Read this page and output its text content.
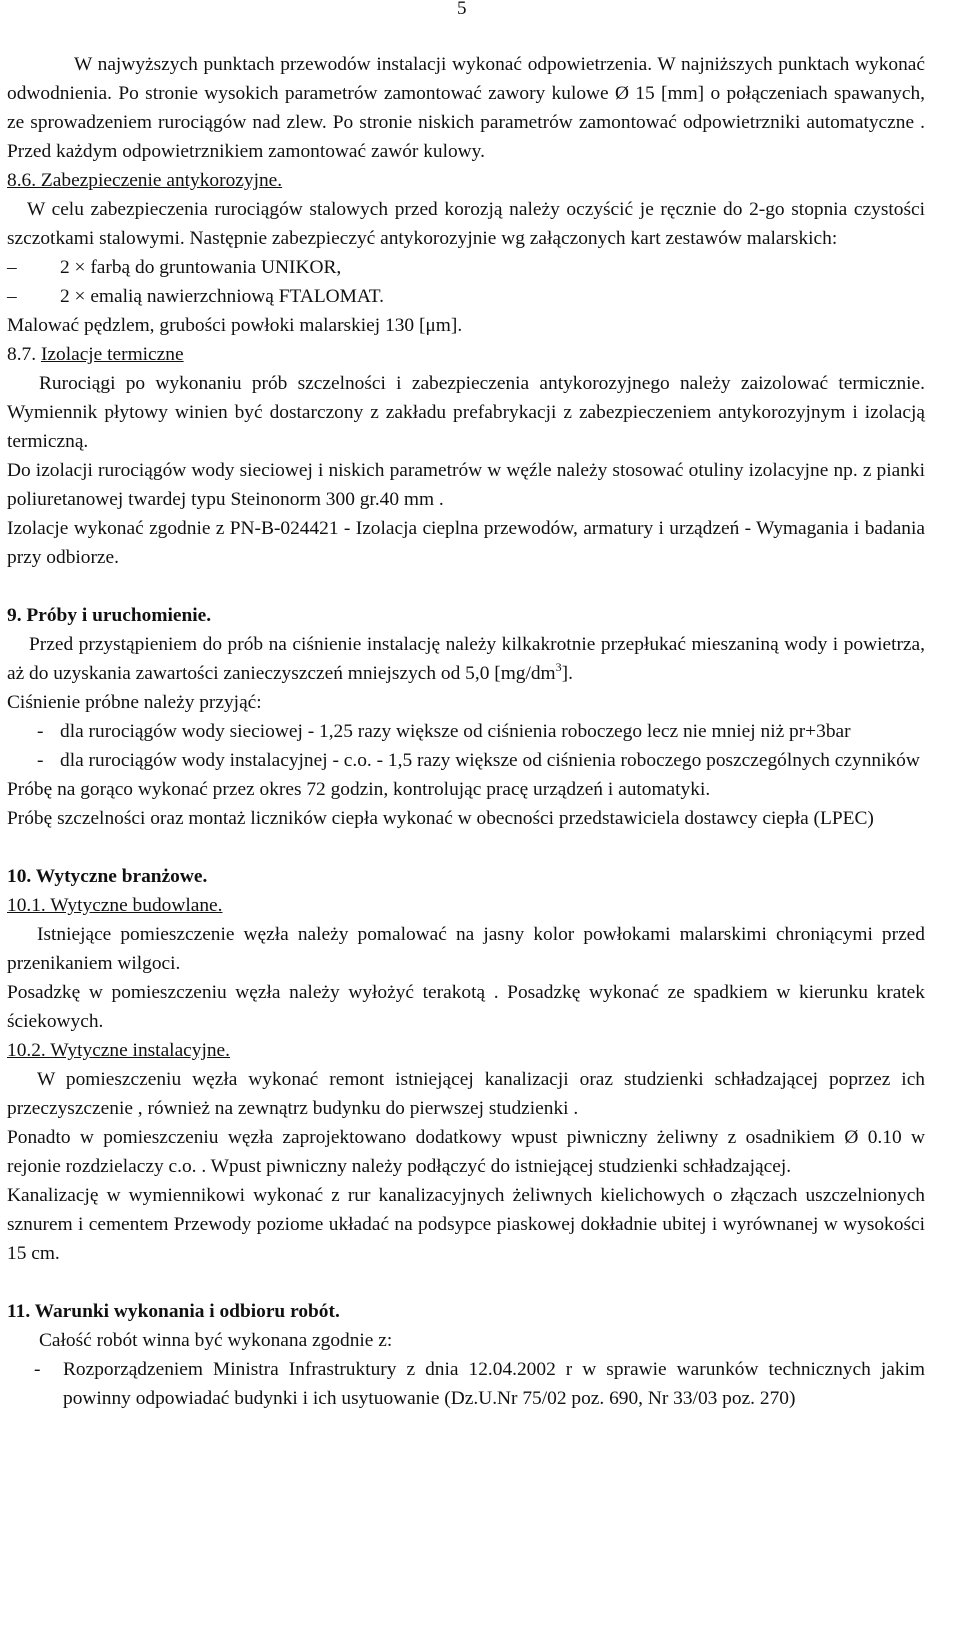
5

W najwyższych punktach przewodów instalacji wykonać odpowietrzenia. W najniższych punktach wykonać odwodnienia. Po stronie wysokich parametrów zamontować zawory kulowe Ø 15 [mm] o połączeniach spawanych, ze sprowadzeniem rurociągów nad zlew. Po stronie niskich parametrów zamontować odpowietrzniki automatyczne . Przed każdym odpowietrznikiem zamontować zawór kulowy.

8.6. Zabezpieczenie antykorozyjne.

W celu zabezpieczenia rurociągów stalowych przed korozją należy oczyścić je ręcznie do 2-go stopnia czystości szczotkami stalowymi. Następnie zabezpieczyć antykorozyjnie wg załączonych kart zestawów malarskich:

–	2 × farbą do gruntowania UNIKOR,
–	2 × emalią nawierzchniową FTALOMAT.

Malować pędzlem, grubości powłoki malarskiej 130 [μm].

8.7. Izolacje termiczne

Rurociągi po wykonaniu prób szczelności i zabezpieczenia antykorozyjnego należy zaizolować termicznie. Wymiennik płytowy winien być dostarczony z zakładu prefabrykacji z zabezpieczeniem antykorozyjnym i izolacją termiczną.

Do izolacji rurociągów wody sieciowej i niskich parametrów w węźle należy stosować otuliny izolacyjne np. z pianki poliuretanowej twardej typu Steinonorm 300 gr.40 mm .

Izolacje wykonać zgodnie z PN-B-024421 - Izolacja cieplna przewodów, armatury i urządzeń - Wymagania i badania przy odbiorze.

9. Próby i uruchomienie.

Przed przystąpieniem do prób na ciśnienie instalację należy kilkakrotnie przepłukać mieszaniną wody i powietrza, aż do uzyskania zawartości zanieczyszczeń mniejszych od 5,0 $[mg/dm^3]$.

Ciśnienie próbne należy przyjąć:

- dla rurociągów wody sieciowej - 1,25 razy większe od ciśnienia roboczego lecz nie mniej niż pr+3bar
- dla rurociągów wody instalacyjnej - c.o. - 1,5 razy większe od ciśnienia roboczego poszczególnych czynników

Próbę na gorąco wykonać przez okres 72 godzin, kontrolując pracę urządzeń i automatyki.

Próbę szczelności oraz montaż liczników ciepła wykonać w obecności przedstawiciela dostawcy ciepła (LPEC)

10. Wytyczne branżowe.

10.1. Wytyczne budowlane.

Istniejące pomieszczenie węzła należy pomalować na jasny kolor powłokami malarskimi chroniącymi przed przenikaniem wilgoci.

Posadzkę w pomieszczeniu węzła należy wyłożyć terakotą . Posadzkę wykonać ze spadkiem w kierunku kratek ściekowych.

10.2. Wytyczne instalacyjne.

W pomieszczeniu węzła wykonać remont istniejącej kanalizacji oraz studzienki schładzającej poprzez ich przeczyszczenie , również na zewnątrz budynku do pierwszej studzienki .

Ponadto w pomieszczeniu węzła zaprojektowano dodatkowy wpust piwniczny żeliwny z osadnikiem Ø 0.10 w rejonie rozdzielaczy c.o. . Wpust piwniczny należy podłączyć do istniejącej studzienki schładzającej.

Kanalizację w wymiennikowi wykonać z rur kanalizacyjnych żeliwnych kielichowych o złączach uszczelnionych sznurem i cementem Przewody poziome układać na podsypce piaskowej dokładnie ubitej i wyrównanej w wysokości 15 cm.

11. Warunki wykonania i odbioru robót.

Całość robót winna być wykonana zgodnie z:

-	Rozporządzeniem Ministra Infrastruktury z dnia 12.04.2002 r w sprawie warunków technicznych jakim powinny odpowiadać budynki i ich usytuowanie (Dz.U.Nr 75/02 poz. 690, Nr 33/03 poz. 270)
